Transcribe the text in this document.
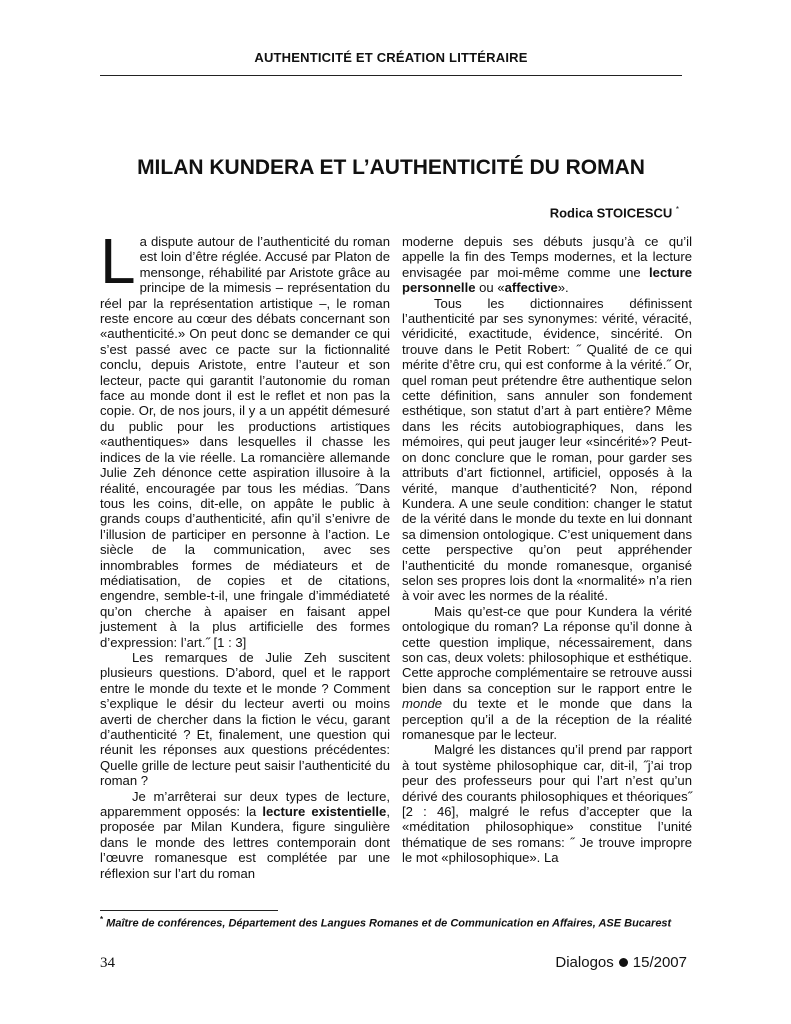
AUTHENTICITÉ ET CRÉATION LITTÉRAIRE
MILAN KUNDERA ET L’AUTHENTICITÉ DU ROMAN
Rodica STOICESCU *

La dispute autour de l’authenticité du roman est loin d’être réglée. Accusé par Platon de mensonge, réhabilité par Aristote grâce au principe de la mimesis – représentation du réel par la représentation artistique –, le roman reste encore au cœur des débats concernant son «authenticité.» On peut donc se demander ce qui s’est passé avec ce pacte sur la fictionnalité conclu, depuis Aristote, entre l’auteur et son lecteur, pacte qui garantit l’autonomie du roman face au monde dont il est le reflet et non pas la copie. Or, de nos jours, il y a un appétit démesuré du public pour les productions artistiques «authentiques» dans lesquelles il chasse les indices de la vie réelle. La romancière allemande Julie Zeh dénonce cette aspiration illusoire à la réalité, encouragée par tous les médias. ˝Dans tous les coins, dit-elle, on appâte le public à grands coups d’authenticité, afin qu’il s’enivre de l’illusion de participer en personne à l’action. Le siècle de la communication, avec ses innombrables formes de médiateurs et de médiatisation, de copies et de citations, engendre, semble-t-il, une fringale d’immédiateté qu’on cherche à apaiser en faisant appel justement à la plus artificielle des formes d’expression: l’art.˝ [1 : 3]

Les remarques de Julie Zeh suscitent plusieurs questions. D’abord, quel et le rapport entre le monde du texte et le monde ? Comment s’explique le désir du lecteur averti ou moins averti de chercher dans la fiction le vécu, garant d’authenticité ? Et, finalement, une question qui réunit les réponses aux questions précédentes: Quelle grille de lecture peut saisir l’authenticité du roman ?

Je m’arrêterai sur deux types de lecture, apparemment opposés: la lecture existentielle, proposée par Milan Kundera, figure singulière dans le monde des lettres contemporain dont l’œuvre romanesque est complétée par une réflexion sur l’art du roman

moderne depuis ses débuts jusqu’à ce qu’il appelle la fin des Temps modernes, et la lecture envisagée par moi-même comme une lecture personnelle ou «affective».

Tous les dictionnaires définissent l’authenticité par ses synonymes: vérité, véracité, véridicité, exactitude, évidence, sincérité. On trouve dans le Petit Robert: ˝ Qualité de ce qui mérite d’être cru, qui est conforme à la vérité.˝ Or, quel roman peut prétendre être authentique selon cette définition, sans annuler son fondement esthétique, son statut d’art à part entière? Même dans les récits autobiographiques, dans les mémoires, qui peut jauger leur «sincérité»? Peut-on donc conclure que le roman, pour garder ses attributs d’art fictionnel, artificiel, opposés à la vérité, manque d’authenticité? Non, répond Kundera. A une seule condition: changer le statut de la vérité dans le monde du texte en lui donnant sa dimension ontologique. C’est uniquement dans cette perspective qu’on peut appréhender l’authenticité du monde romanesque, organisé selon ses propres lois dont la «normalité» n’a rien à voir avec les normes de la réalité.

Mais qu’est-ce que pour Kundera la vérité ontologique du roman? La réponse qu’il donne à cette question implique, nécessairement, dans son cas, deux volets: philosophique et esthétique. Cette approche complémentaire se retrouve aussi bien dans sa conception sur le rapport entre le monde du texte et le monde que dans la perception qu’il a de la réception de la réalité romanesque par le lecteur.

Malgré les distances qu’il prend par rapport à tout système philosophique car, dit-il, ˝j’ai trop peur des professeurs pour qui l’art n’est qu’un dérivé des courants philosophiques et théoriques˝ [2 : 46], malgré le refus d’accepter que la «méditation philosophique» constitue l’unité thématique de ses romans: ˝ Je trouve impropre le mot «philosophique». La

* Maître de conférences, Département des Langues Romanes et de Communication en Affaires, ASE Bucarest
34	Dialogos 15/2007
